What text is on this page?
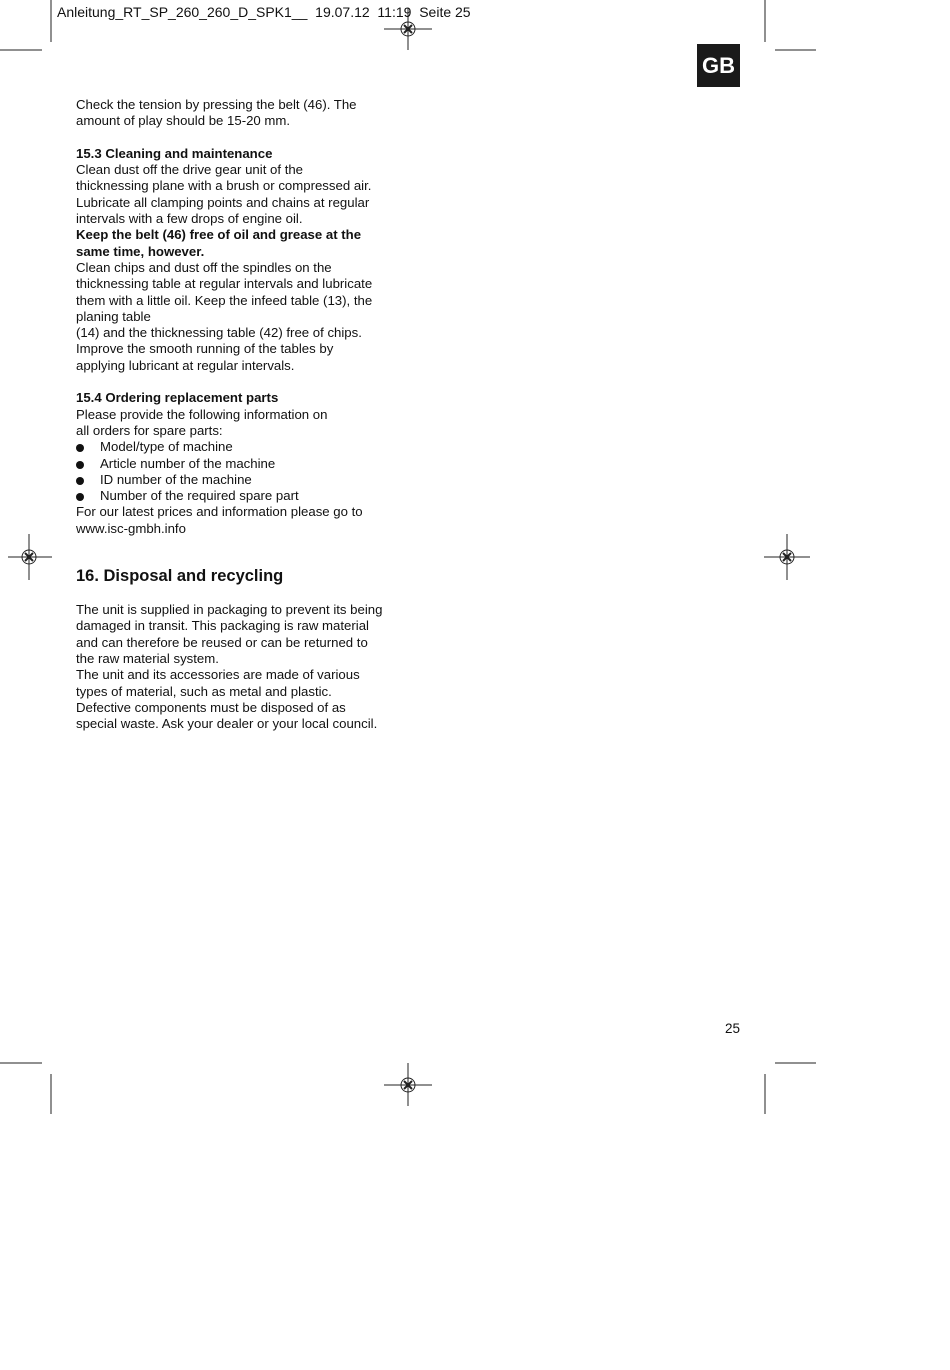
Anleitung_RT_SP_260_260_D_SPK1__  19.07.12  11:19  Seite 25
GB

Check the tension by pressing the belt (46). The

amount of play should be 15-20 mm.

15.3 Cleaning and maintenance

Clean dust off the drive gear unit of the

thicknessing plane with a brush or compressed air.

Lubricate all clamping points and chains at regular

intervals with a few drops of engine oil.

Keep the belt (46) free of oil and grease at the

same time, however.

Clean chips and dust off the spindles on the

thicknessing table at regular intervals and lubricate

them with a little oil. Keep the infeed table (13), the

planing table

(14) and the thicknessing table (42) free of chips.

Improve the smooth running of the tables by

applying lubricant at regular intervals.

15.4 Ordering replacement parts

Please provide the following information on

all orders for spare parts:

Model/type of machine
Article number of the machine
ID number of the machine
Number of the required spare part

For our latest prices and information please go to

www.isc-gmbh.info

16. Disposal and recycling

The unit is supplied in packaging to prevent its being

damaged in transit. This packaging is raw material

and can therefore be reused or can be returned to

the raw material system.

The unit and its accessories are made of various

types of material, such as metal and plastic.

Defective components must be disposed of as

special waste. Ask your dealer or your local council.

25
